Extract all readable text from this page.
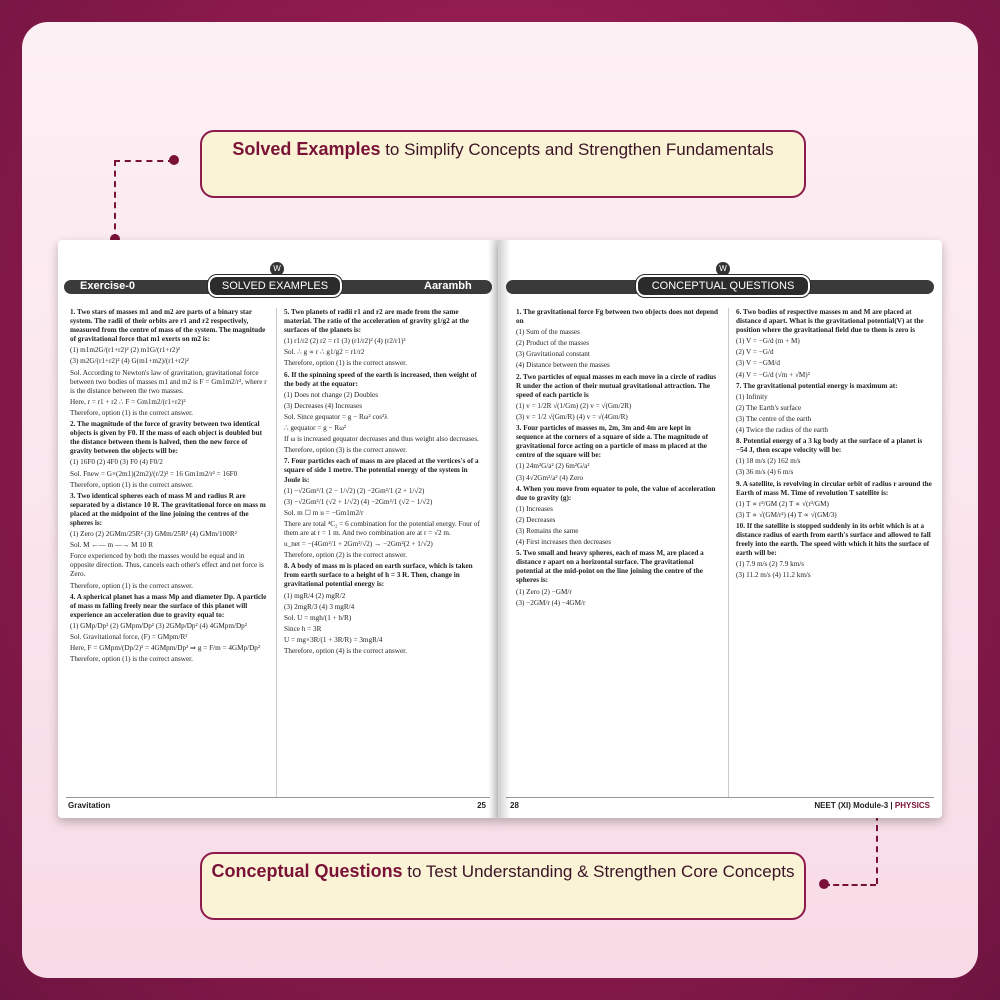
Solved Examples to Simplify Concepts and Strengthen Fundamentals
W
Exercise-0	SOLVED EXAMPLES	Aarambh

1. Two stars of masses m1 and m2 are parts of a binary star system. The radii of their orbits are r1 and r2 respectively, measured from the centre of mass of the system. The magnitude of gravitational force that m1 exerts on m2 is:

(1) m1m2G/(r1+r2)² (2) m1G/(r1+r2)²

(3) m2G/(r1+r2)² (4) G(m1+m2)/(r1+r2)²

Sol. According to Newton's law of gravitation, gravitational force between two bodies of masses m1 and m2 is F = Gm1m2/r², where r is the distance between the two masses.

Here, r = r1 + r2 ∴ F = Gm1m2/(r1+r2)²

Therefore, option (1) is the correct answer.

2. The magnitude of the force of gravity between two identical objects is given by F0. If the mass of each object is doubled but the distance between them is halved, then the new force of gravity between the objects will be:

(1) 16F0 (2) 4F0 (3) F0 (4) F0/2

Sol. Fnew = G×(2m1)(2m2)/(r/2)² = 16 Gm1m2/r² = 16F0

Therefore, option (1) is the correct answer.

3. Two identical spheres each of mass M and radius R are separated by a distance 10 R. The gravitational force on mass m placed at the midpoint of the line joining the centres of the spheres is:

(1) Zero (2) 2GMm/25R² (3) GMm/25R² (4) GMm/100R²

Sol. M ←— m —→ M 10 R

Force experienced by both the masses would be equal and in opposite direction. Thus, cancels each other's effect and net force is Zero.

Therefore, option (1) is the correct answer.

4. A spherical planet has a mass Mp and diameter Dp. A particle of mass m falling freely near the surface of this planet will experience an acceleration due to gravity equal to:

(1) GMp/Dp² (2) GMpm/Dp² (3) 2GMp/Dp² (4) 4GMpm/Dp²

Sol. Gravitational force, (F) = GMpm/R²

Here, F = GMpm/(Dp/2)² = 4GMpm/Dp² ⇒ g = F/m = 4GMp/Dp²

Therefore, option (1) is the correct answer.

5. Two planets of radii r1 and r2 are made from the same material. The ratio of the acceleration of gravity g1/g2 at the surfaces of the planets is:

(1) r1/r2 (2) r2 = r1 (3) (r1/r2)² (4) (r2/r1)²

Sol. ∴ g ∝ r ∴ g1/g2 = r1/r2

Therefore, option (1) is the correct answer.

6. If the spinning speed of the earth is increased, then weight of the body at the equator:

(1) Does not change (2) Doubles

(3) Decreases (4) Increases

Sol. Since gequator = g − Rω² cos²λ

∴ gequator = g − Rω²

If ω is increased gequator decreases and thus weight also decreases.

Therefore, option (3) is the correct answer.

7. Four particles each of mass m are placed at the vertices's of a square of side 1 metre. The potential energy of the system in Joule is:

(1) −√2Gm²/1 (2 − 1/√2) (2) −2Gm²/1 (2 + 1/√2)

(3) −√2Gm²/1 (√2 + 1/√2) (4) −2Gm²/1 (√2 − 1/√2)

Sol. m ☐ m u = −Gm1m2/r

There are total ⁴C₂ = 6 combination for the potential energy. Four of them are at r = 1 m. And two combination are at r = √2 m.

u_net = −(4Gm²/1 + 2Gm²/√2) → −2Gm²(2 + 1/√2)

Therefore, option (2) is the correct answer.

8. A body of mass m is placed on earth surface, which is taken from earth surface to a height of h = 3 R. Then, change in gravitational potential energy is:

(1) mgR/4 (2) mgR/2

(3) 2mgR/3 (4) 3 mgR/4

Sol. U = mgh/(1 + h/R)

Since h = 3R

U = mg×3R/(1 + 3R/R) = 3mgR/4

Therefore, option (4) is the correct answer.

Gravitation	25
W
CONCEPTUAL QUESTIONS

1. The gravitational force Fg between two objects does not depend on

(1) Sum of the masses

(2) Product of the masses

(3) Gravitational constant

(4) Distance between the masses

2. Two particles of equal masses m each move in a circle of radius R under the action of their mutual gravitational attraction. The speed of each particle is

(1) v = 1/2R √(1/Gm) (2) v = √(Gm/2R)

(3) v = 1/2 √(Gm/R) (4) v = √(4Gm/R)

3. Four particles of masses m, 2m, 3m and 4m are kept in sequence at the corners of a square of side a. The magnitude of gravitational force acting on a particle of mass m placed at the centre of the square will be:

(1) 24m²G/a² (2) 6m²G/a²

(3) 4√2Gm²/a² (4) Zero

4. When you move from equator to pole, the value of acceleration due to gravity (g):

(1) Increases

(2) Decreases

(3) Remains the same

(4) First increases then decreases

5. Two small and heavy spheres, each of mass M, are placed a distance r apart on a horizontal surface. The gravitational potential at the mid-point on the line joining the centre of the spheres is:

(1) Zero (2) −GM/r

(3) −2GM/r (4) −4GM/r

6. Two bodies of respective masses m and M are placed at distance d apart. What is the gravitational potential(V) at the position where the gravitational field due to them is zero is

(1) V = −G/d (m + M)

(2) V = −G/d

(3) V = −GM/d

(4) V = −G/d (√m + √M)²

7. The gravitational potential energy is maximum at:

(1) Infinity

(2) The Earth's surface

(3) The centre of the earth

(4) Twice the radius of the earth

8. Potential energy of a 3 kg body at the surface of a planet is −54 J, then escape velocity will be:

(1) 18 m/s (2) 162 m/s

(3) 36 m/s (4) 6 m/s

9. A satellite, is revolving in circular orbit of radius r around the Earth of mass M. Time of revolution T satellite is:

(1) T ∝ r³/GM (2) T ∝ √(r³/GM)

(3) T ∝ √(GM/r²) (4) T ∝ √(GM/3)

10. If the satellite is stopped suddenly in its orbit which is at a distance radius of earth from earth's surface and allowed to fall freely into the earth. The speed with which it hits the surface of earth will be:

(1) 7.9 m/s (2) 7.9 km/s

(3) 11.2 m/s (4) 11.2 km/s

28	NEET (XI) Module-3 | PHYSICS
Conceptual Questions to Test Understanding & Strengthen Core Concepts
